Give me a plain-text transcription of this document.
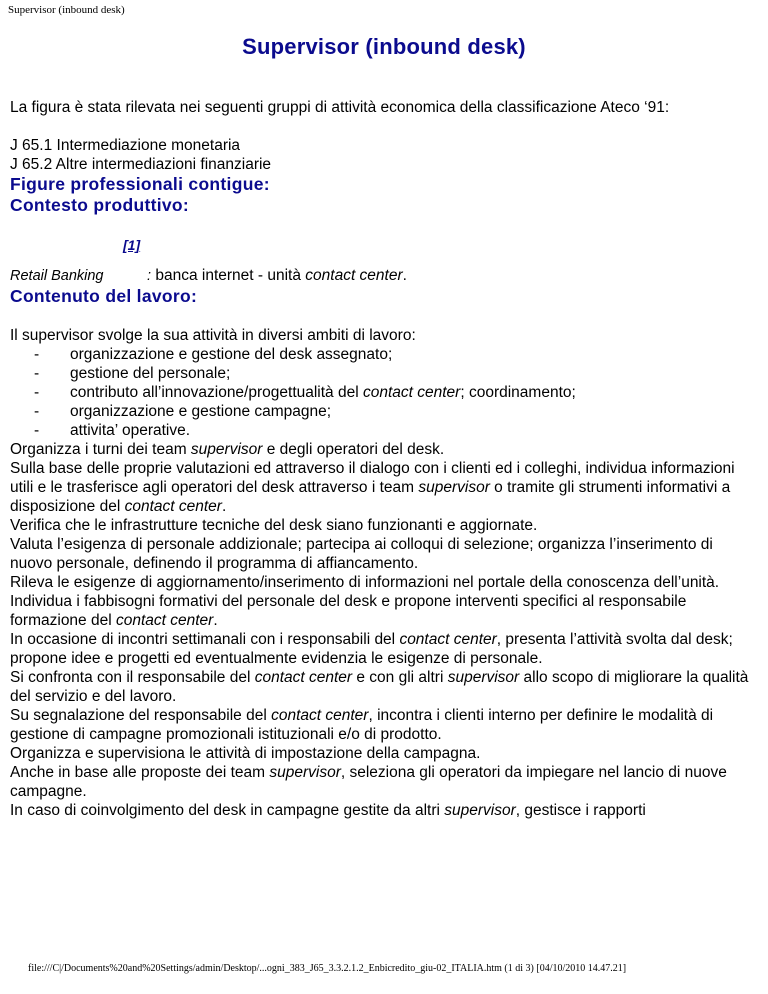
Supervisor (inbound desk)
Supervisor (inbound desk)

La figura è stata rilevata nei seguenti gruppi di attività economica della classificazione Ateco ‘91:

J 65.1 Intermediazione monetaria

J 65.2 Altre intermediazioni finanziarie

Figure professionali contigue:
Contesto produttivo:
[1]
Retail Banking	: banca internet - unità contact center.
Contenuto del lavoro:

Il supervisor svolge la sua attività in diversi ambiti di lavoro:

- organizzazione e gestione del desk assegnato;
- gestione del personale;
- contributo all’innovazione/progettualità del contact center; coordinamento;
- organizzazione e gestione campagne;
- attivita’ operative.
Organizza i turni dei team supervisor e degli operatori del desk.
Sulla base delle proprie valutazioni ed attraverso il dialogo con i clienti ed i colleghi, individua informazioni utili e le trasferisce agli operatori del desk attraverso i team supervisor o tramite gli strumenti informativi a disposizione del contact center.
Verifica che le infrastrutture tecniche del desk siano funzionanti e aggiornate.
Valuta l’esigenza di personale addizionale; partecipa ai colloqui di selezione; organizza l’inserimento di nuovo personale, definendo il programma di affiancamento.
Rileva le esigenze di aggiornamento/inserimento di informazioni nel portale della conoscenza dell’unità.
Individua i fabbisogni formativi del personale del desk e propone interventi specifici al responsabile formazione del contact center.
In occasione di incontri settimanali con i responsabili del contact center, presenta l’attività svolta dal desk; propone idee e progetti ed eventualmente evidenzia le esigenze di personale.
Si confronta con il responsabile del contact center e con gli altri supervisor allo scopo di migliorare la qualità del servizio e del lavoro.
Su segnalazione del responsabile del contact center, incontra i clienti interno per definire le modalità di gestione di campagne promozionali istituzionali e/o di prodotto.
Organizza e supervisiona le attività di impostazione della campagna.
Anche in base alle proposte dei team supervisor, seleziona gli operatori da impiegare nel lancio di nuove campagne.
In caso di coinvolgimento del desk in campagne gestite da altri supervisor, gestisce i rapporti
file:///C|/Documents%20and%20Settings/admin/Desktop/...ogni_383_J65_3.3.2.1.2_Enbicredito_giu-02_ITALIA.htm (1 di 3) [04/10/2010 14.47.21]
